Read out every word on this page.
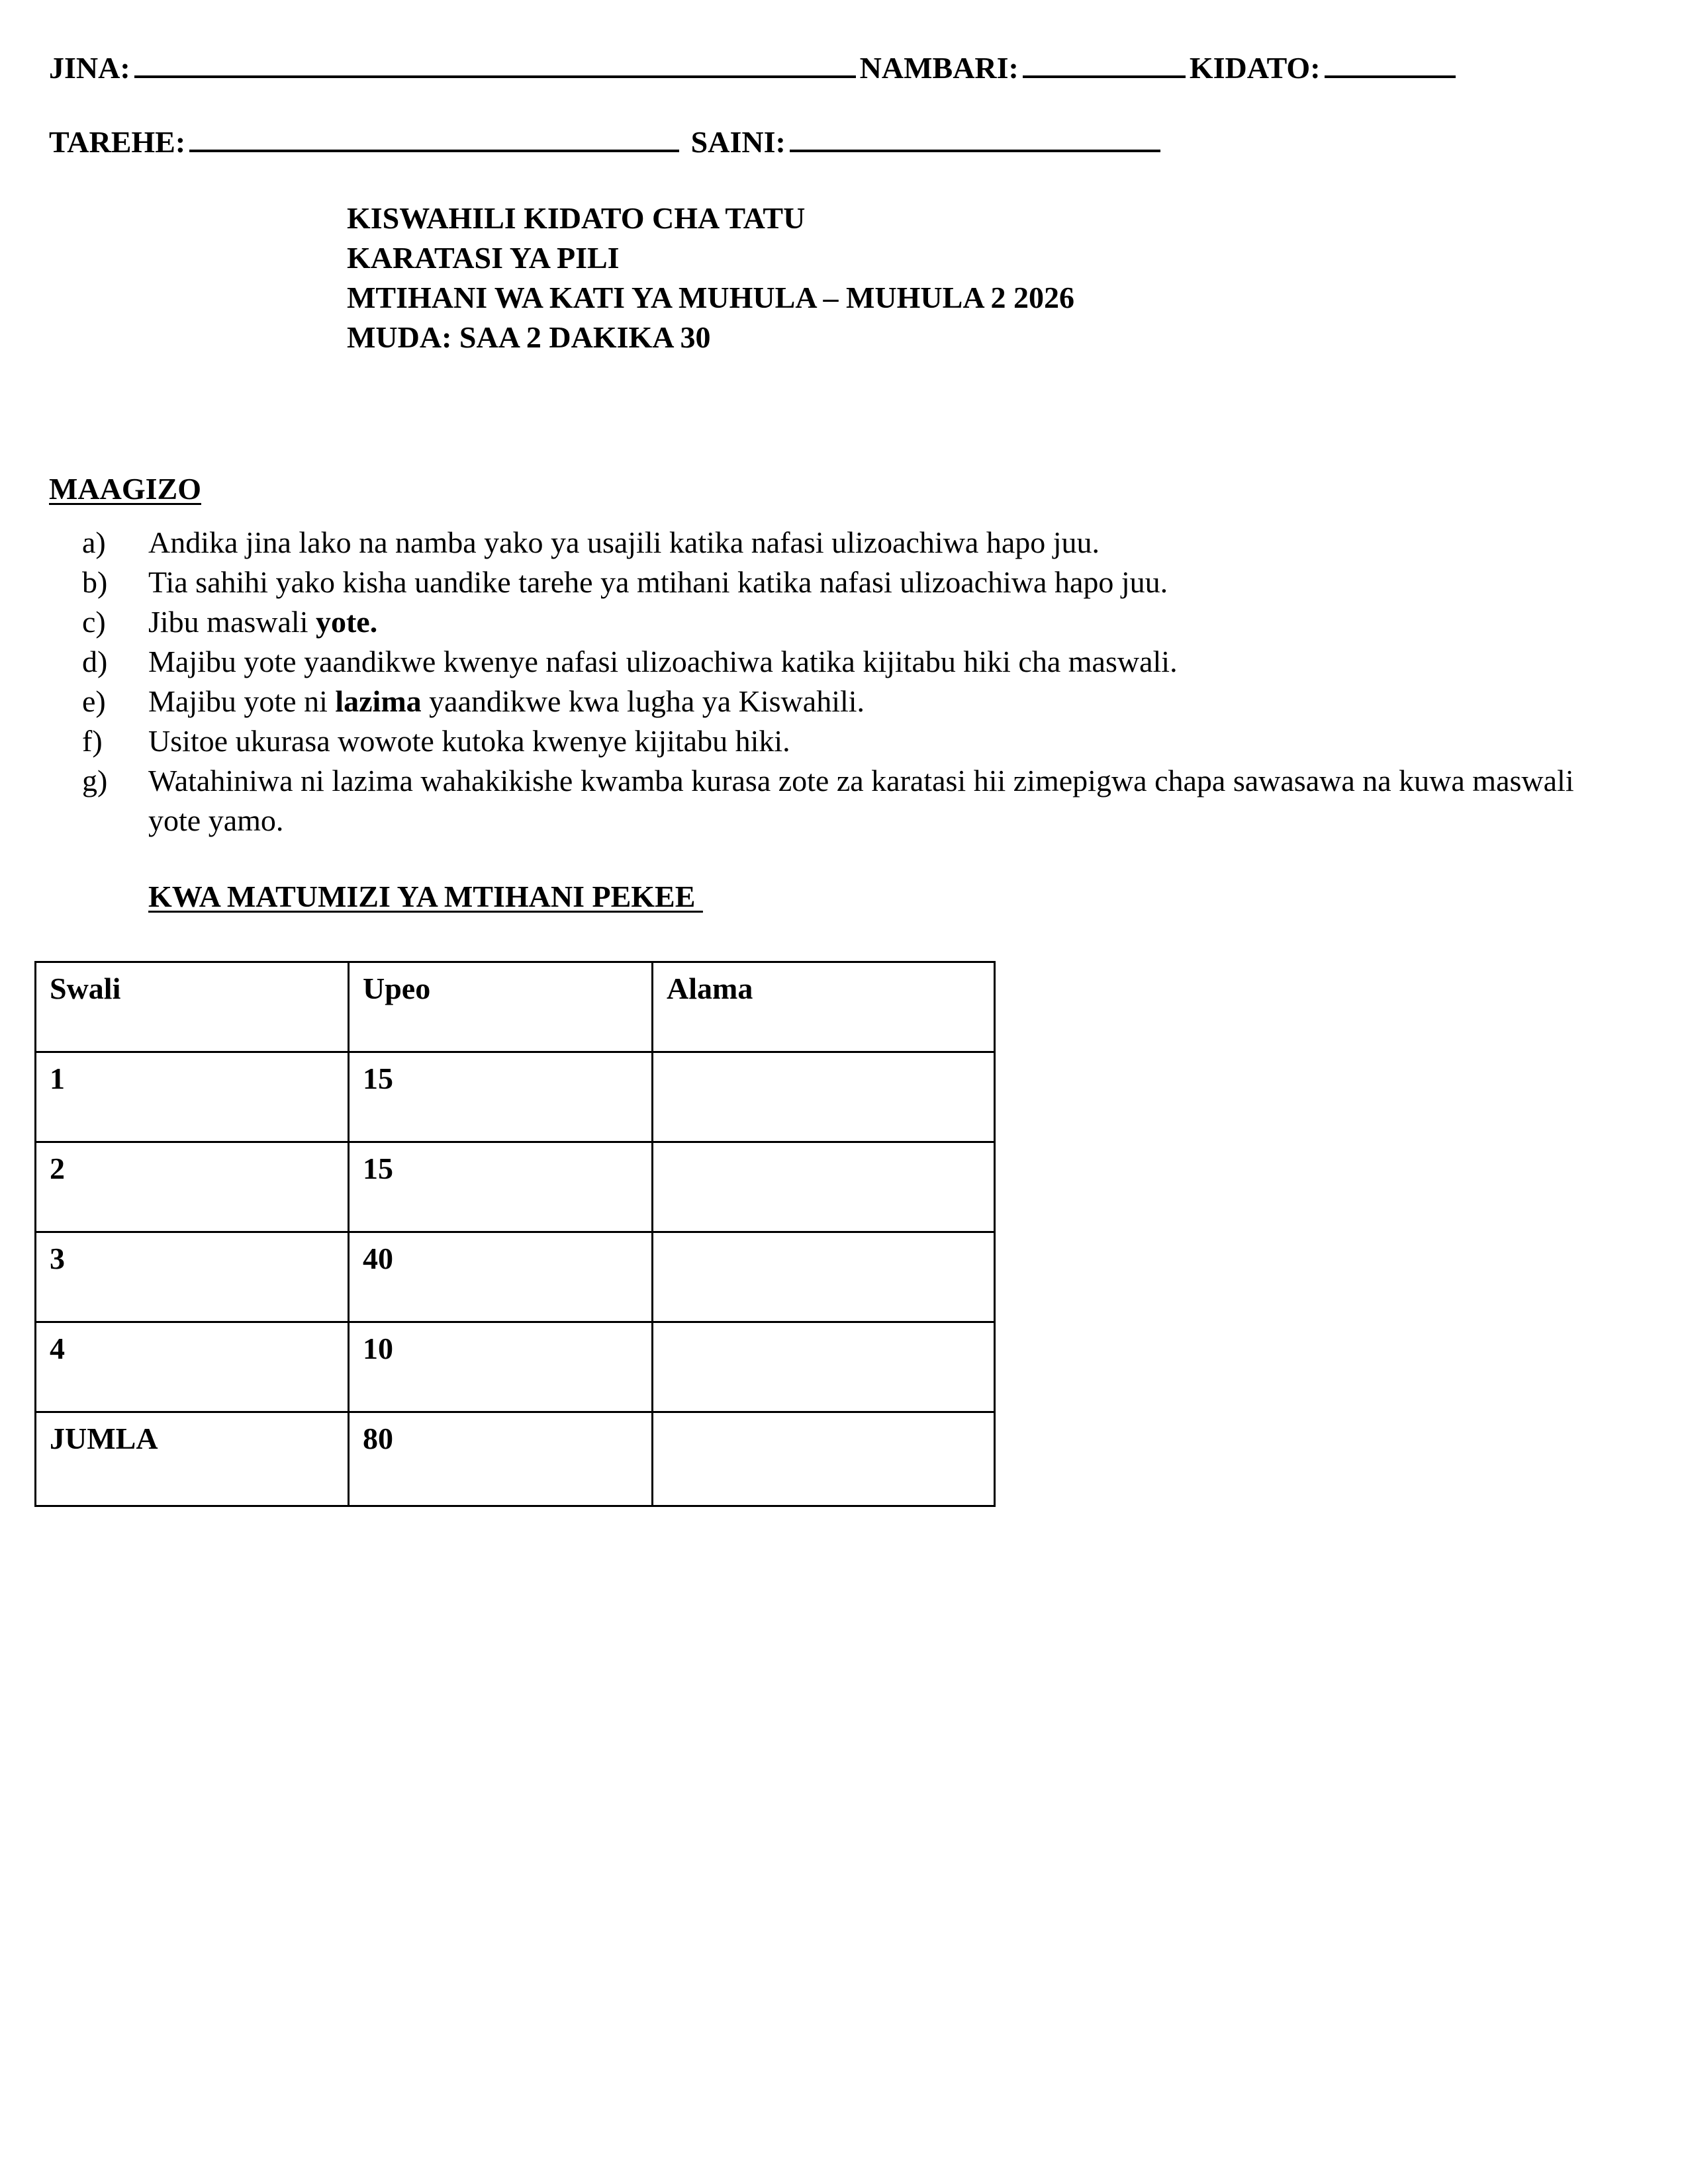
JINA:	NAMBARI:	KIDATO:
TAREHE:	SAINI:
KISWAHILI KIDATO CHA TATU
KARATASI YA PILI
MTIHANI WA KATI YA MUHULA – MUHULA 2 2026
MUDA: SAA 2 DAKIKA 30
MAAGIZO
a)	Andika jina lako na namba yako ya usajili katika nafasi ulizoachiwa hapo juu.
b)	Tia sahihi yako kisha uandike tarehe ya mtihani katika nafasi ulizoachiwa hapo juu.
c)	Jibu maswali yote.
d)	Majibu yote yaandikwe kwenye nafasi ulizoachiwa katika kijitabu hiki cha maswali.
e)	Majibu yote ni lazima yaandikwe kwa lugha ya Kiswahili.
f)	Usitoe ukurasa wowote kutoka kwenye kijitabu hiki.
g)	Watahiniwa ni lazima wahakikishe kwamba kurasa zote za karatasi hii zimepigwa chapa sawasawa na kuwa maswali yote yamo.
KWA MATUMIZI YA MTIHANI PEKEE
Swali	Upeo	Alama
1	15	
2	15	
3	40	
4	10	
JUMLA	80	
